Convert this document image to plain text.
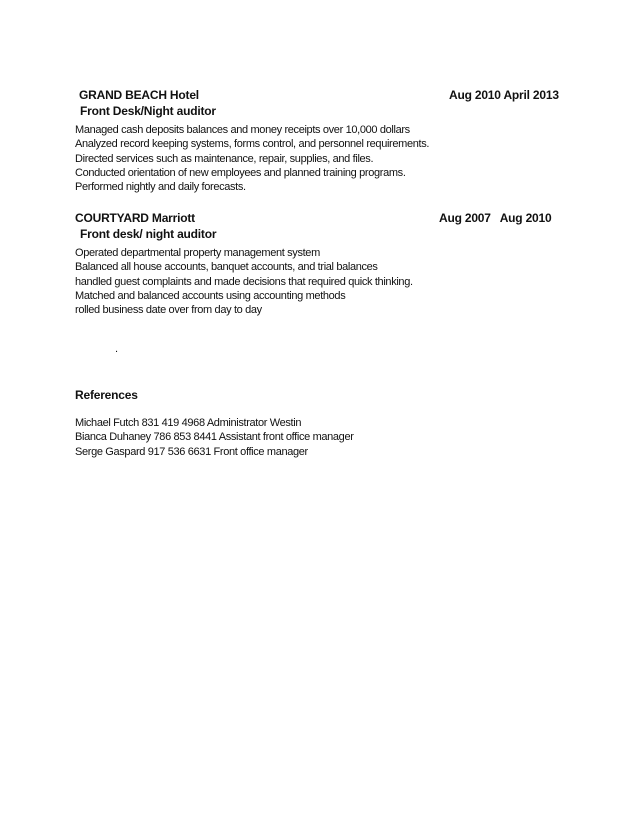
GRAND BEACH Hotel	Aug 2010 April 2013
Front Desk/Night auditor
Managed cash deposits balances and money receipts over 10,000 dollars
Analyzed record keeping systems, forms control, and personnel requirements.
Directed services such as maintenance, repair, supplies, and files.
Conducted orientation of new employees and planned training programs.
Performed nightly and daily forecasts.
COURTYARD Marriott	Aug 2007   Aug 2010
Front desk/ night auditor
Operated departmental property management system
Balanced all house accounts, banquet accounts, and trial balances
handled guest complaints and made decisions that required quick thinking.
Matched and balanced accounts using accounting methods
rolled business date over from day to day
.
References
Michael Futch 831 419 4968 Administrator Westin
Bianca Duhaney 786 853 8441 Assistant front office manager
Serge Gaspard 917 536 6631 Front office manager
